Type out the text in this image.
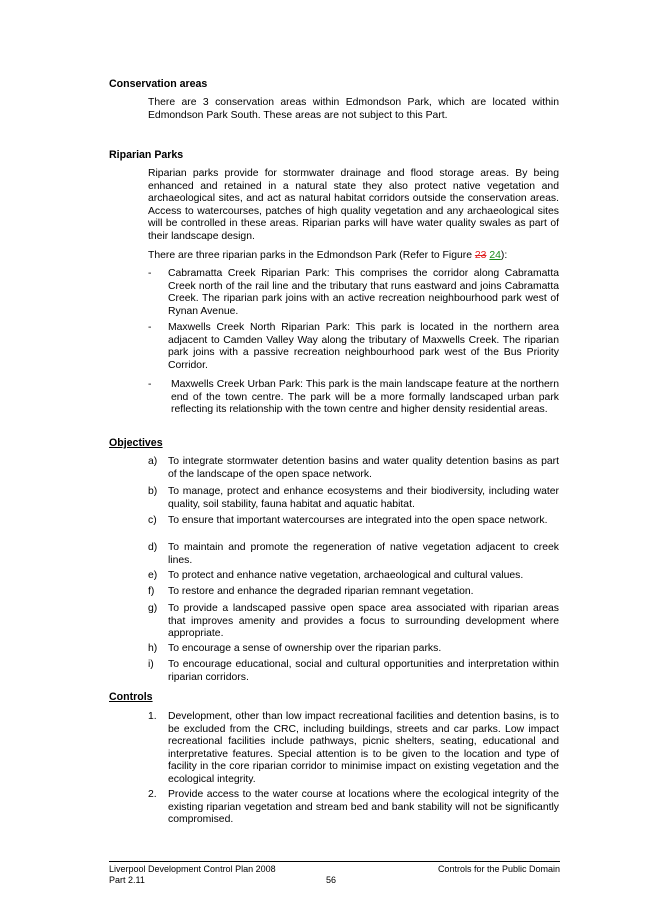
Conservation areas
There are 3 conservation areas within Edmondson Park, which are located within Edmondson Park South. These areas are not subject to this Part.
Riparian Parks
Riparian parks provide for stormwater drainage and flood storage areas. By being enhanced and retained in a natural state they also protect native vegetation and archaeological sites, and act as natural habitat corridors outside the conservation areas. Access to watercourses, patches of high quality vegetation and any archaeological sites will be controlled in these areas. Riparian parks will have water quality swales as part of their landscape design.
There are three riparian parks in the Edmondson Park (Refer to Figure 23 24):
-	Cabramatta Creek Riparian Park: This comprises the corridor along Cabramatta Creek north of the rail line and the tributary that runs eastward and joins Cabramatta Creek. The riparian park joins with an active recreation neighbourhood park west of Rynan Avenue.
-	Maxwells Creek North Riparian Park: This park is located in the northern area adjacent to Camden Valley Way along the tributary of Maxwells Creek. The riparian park joins with a passive recreation neighbourhood park west of the Bus Priority Corridor.
-	Maxwells Creek Urban Park: This park is the main landscape feature at the northern end of the town centre. The park will be a more formally landscaped urban park reflecting its relationship with the town centre and higher density residential areas.
Objectives
a)	To integrate stormwater detention basins and water quality detention basins as part of the landscape of the open space network.
b)	To manage, protect and enhance ecosystems and their biodiversity, including water quality, soil stability, fauna habitat and aquatic habitat.
c)	To ensure that important watercourses are integrated into the open space network.
d)	To maintain and promote the regeneration of native vegetation adjacent to creek lines.
e)	To protect and enhance native vegetation, archaeological and cultural values.
f)	To restore and enhance the degraded riparian remnant vegetation.
g)	To provide a landscaped passive open space area associated with riparian areas that improves amenity and provides a focus to surrounding development where appropriate.
h)	To encourage a sense of ownership over the riparian parks.
i)	To encourage educational, social and cultural opportunities and interpretation within riparian corridors.
Controls
1.	Development, other than low impact recreational facilities and detention basins, is to be excluded from the CRC, including buildings, streets and car parks. Low impact recreational facilities include pathways, picnic shelters, seating, educational and interpretative features. Special attention is to be given to the location and type of facility in the core riparian corridor to minimise impact on existing vegetation and the ecological integrity.
2.	Provide access to the water course at locations where the ecological integrity of the existing riparian vegetation and stream bed and bank stability will not be significantly compromised.
Liverpool Development Control Plan 2008
Part 2.11	56
Controls for the Public Domain
